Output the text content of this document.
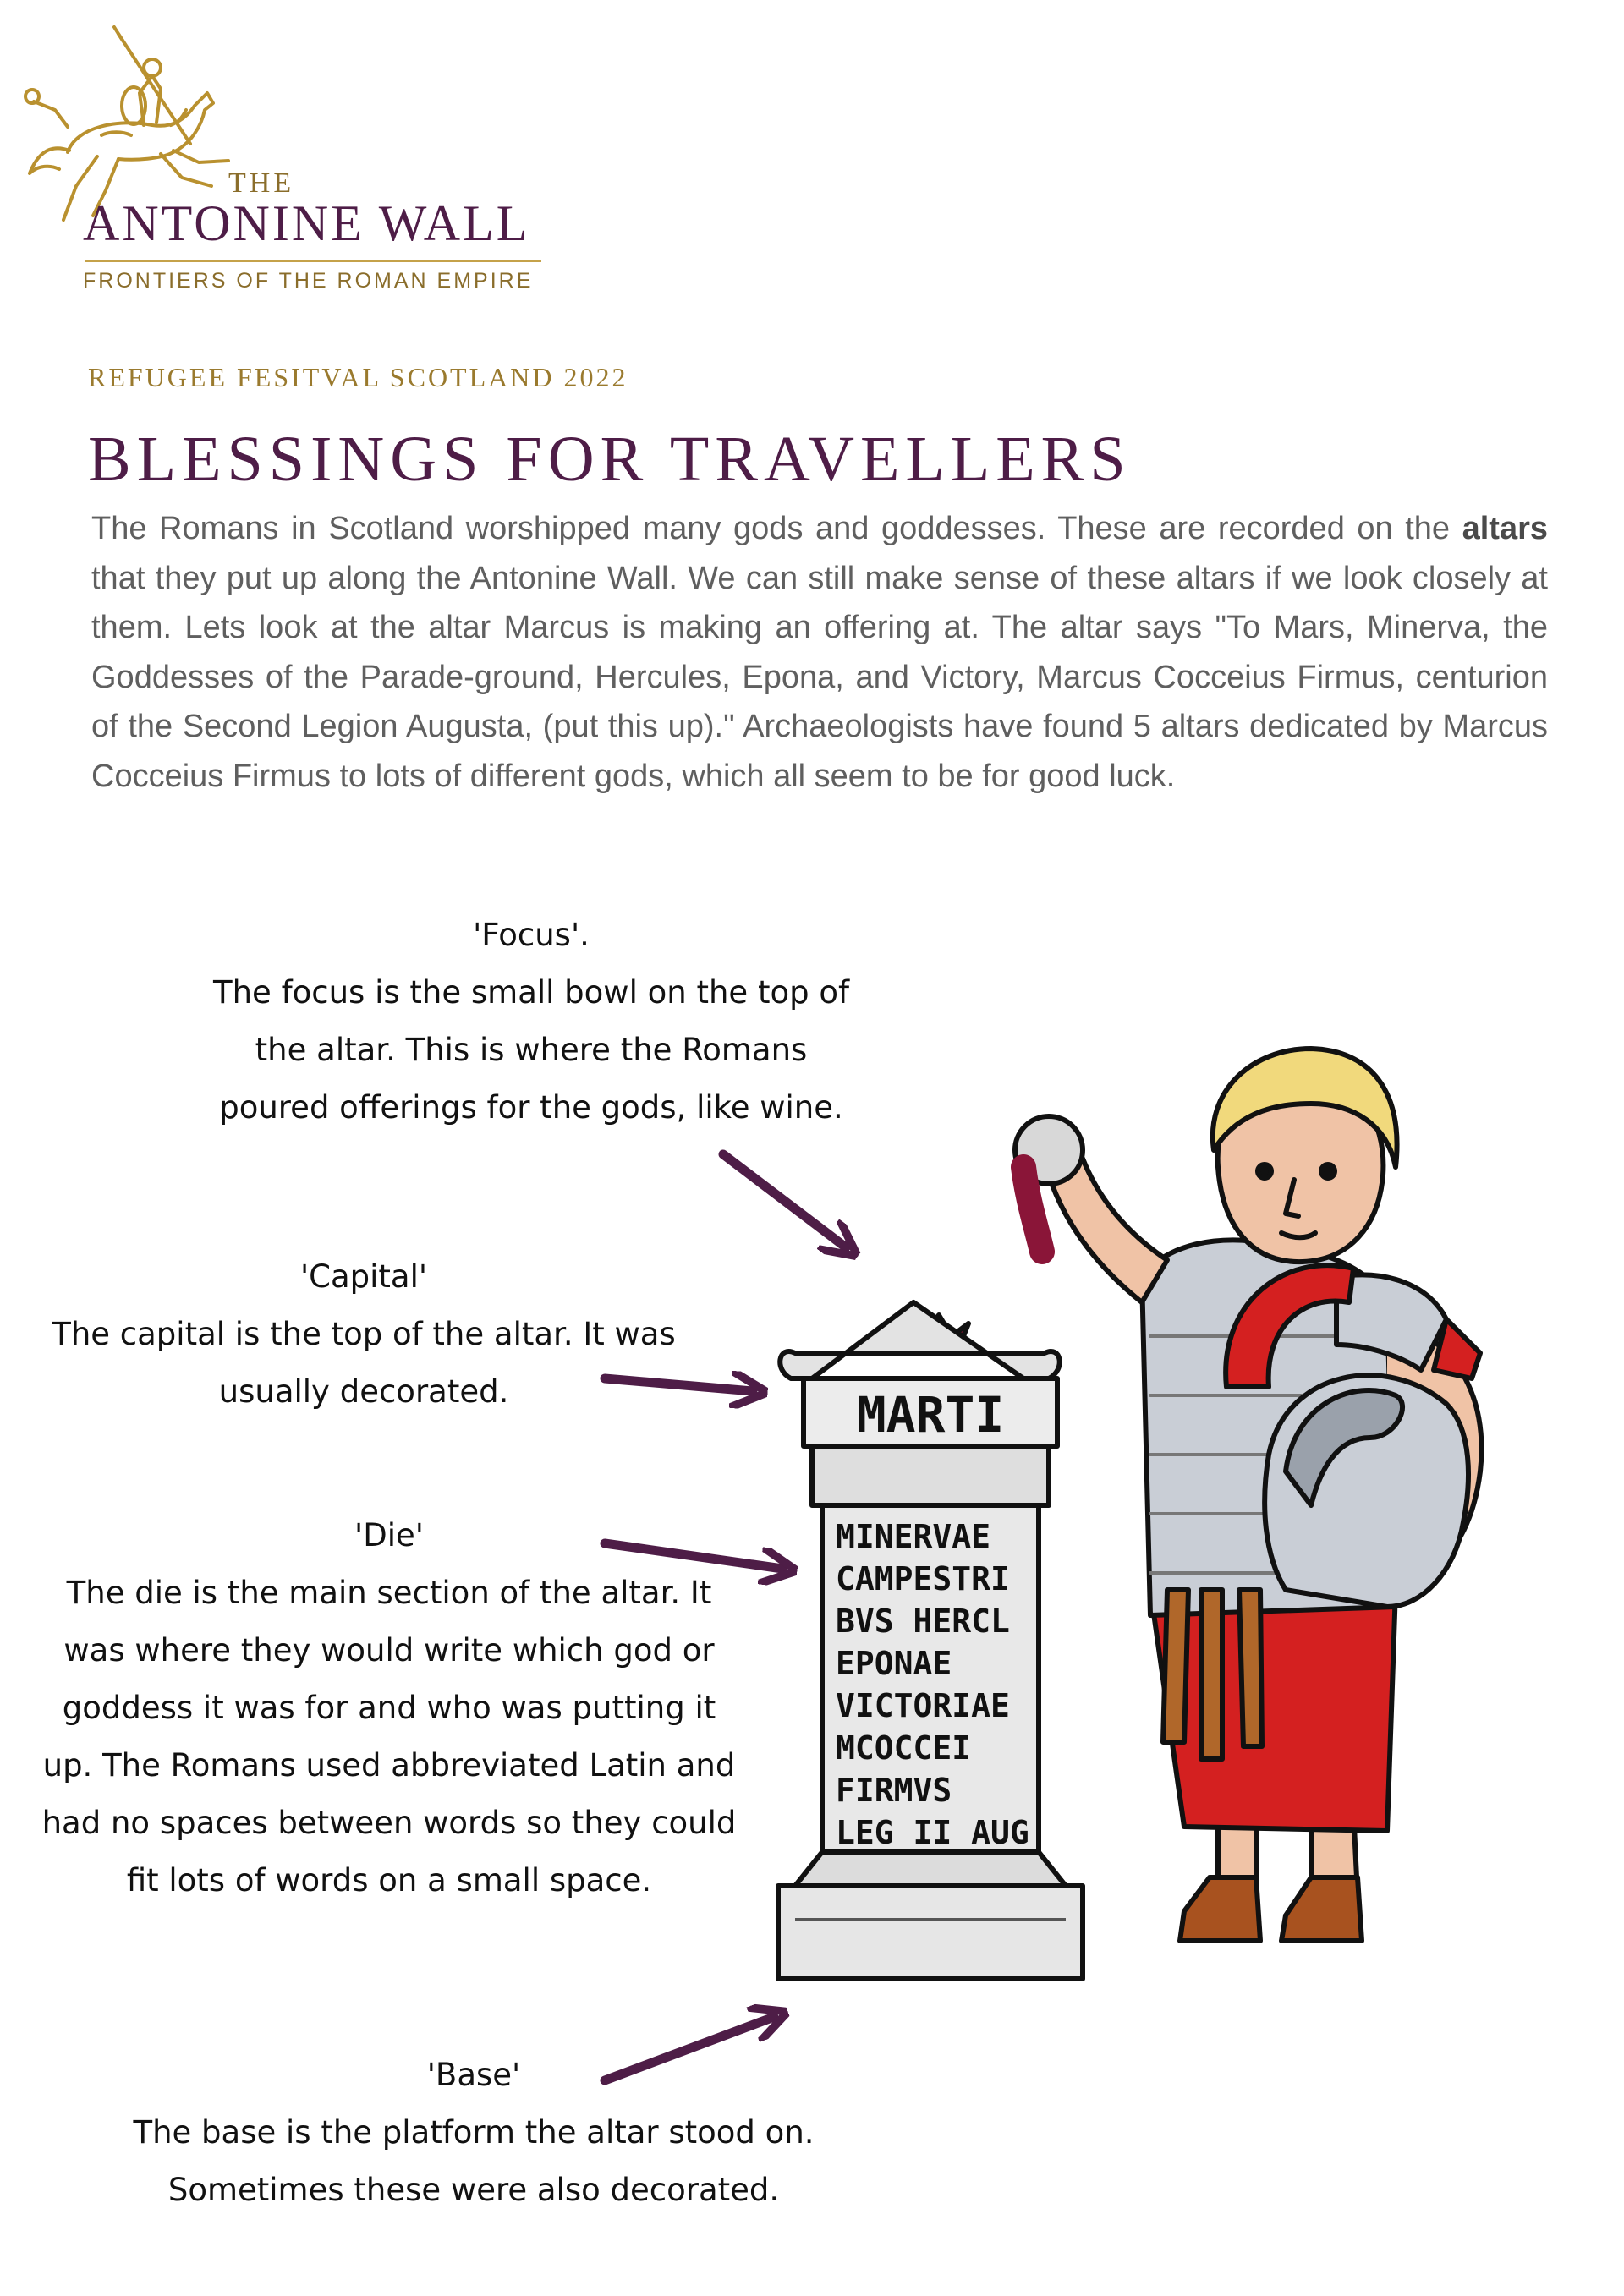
THE
ANTONINE WALL
FRONTIERS OF THE ROMAN EMPIRE
REFUGEE FESITVAL SCOTLAND 2022
BLESSINGS FOR TRAVELLERS

The Romans in Scotland worshipped many gods and goddesses. These are recorded on the altars that they put up along the Antonine Wall. We can still make sense of these altars if we look closely at them. Lets look at the altar Marcus is making an offering at. The altar says "To Mars, Minerva, the Goddesses of the Parade-ground, Hercules, Epona, and Victory, Marcus Cocceius Firmus, centurion of the Second Legion Augusta, (put this up)." Archaeologists have found 5 altars dedicated by Marcus Cocceius Firmus to lots of different gods, which all seem to be for good luck.

'Focus'.
The focus is the small bowl on the top of the altar. This is where the Romans poured offerings for the gods, like wine.

'Capital'
The capital is the top of the altar. It was usually decorated.

'Die'
The die is the main section of the altar. It was where they would write which god or goddess it was for and who was putting it up. The Romans used abbreviated Latin and had no spaces between words so they could fit lots of words on a small space.

'Base'
The base is the platform the altar stood on. Sometimes these were also decorated.

MARTI
MINERVAE
CAMPESTRI
BVS HERCL
EPONAE
VICTORIAE
MCOCCEI
FIRMVS
LEG II AUG
